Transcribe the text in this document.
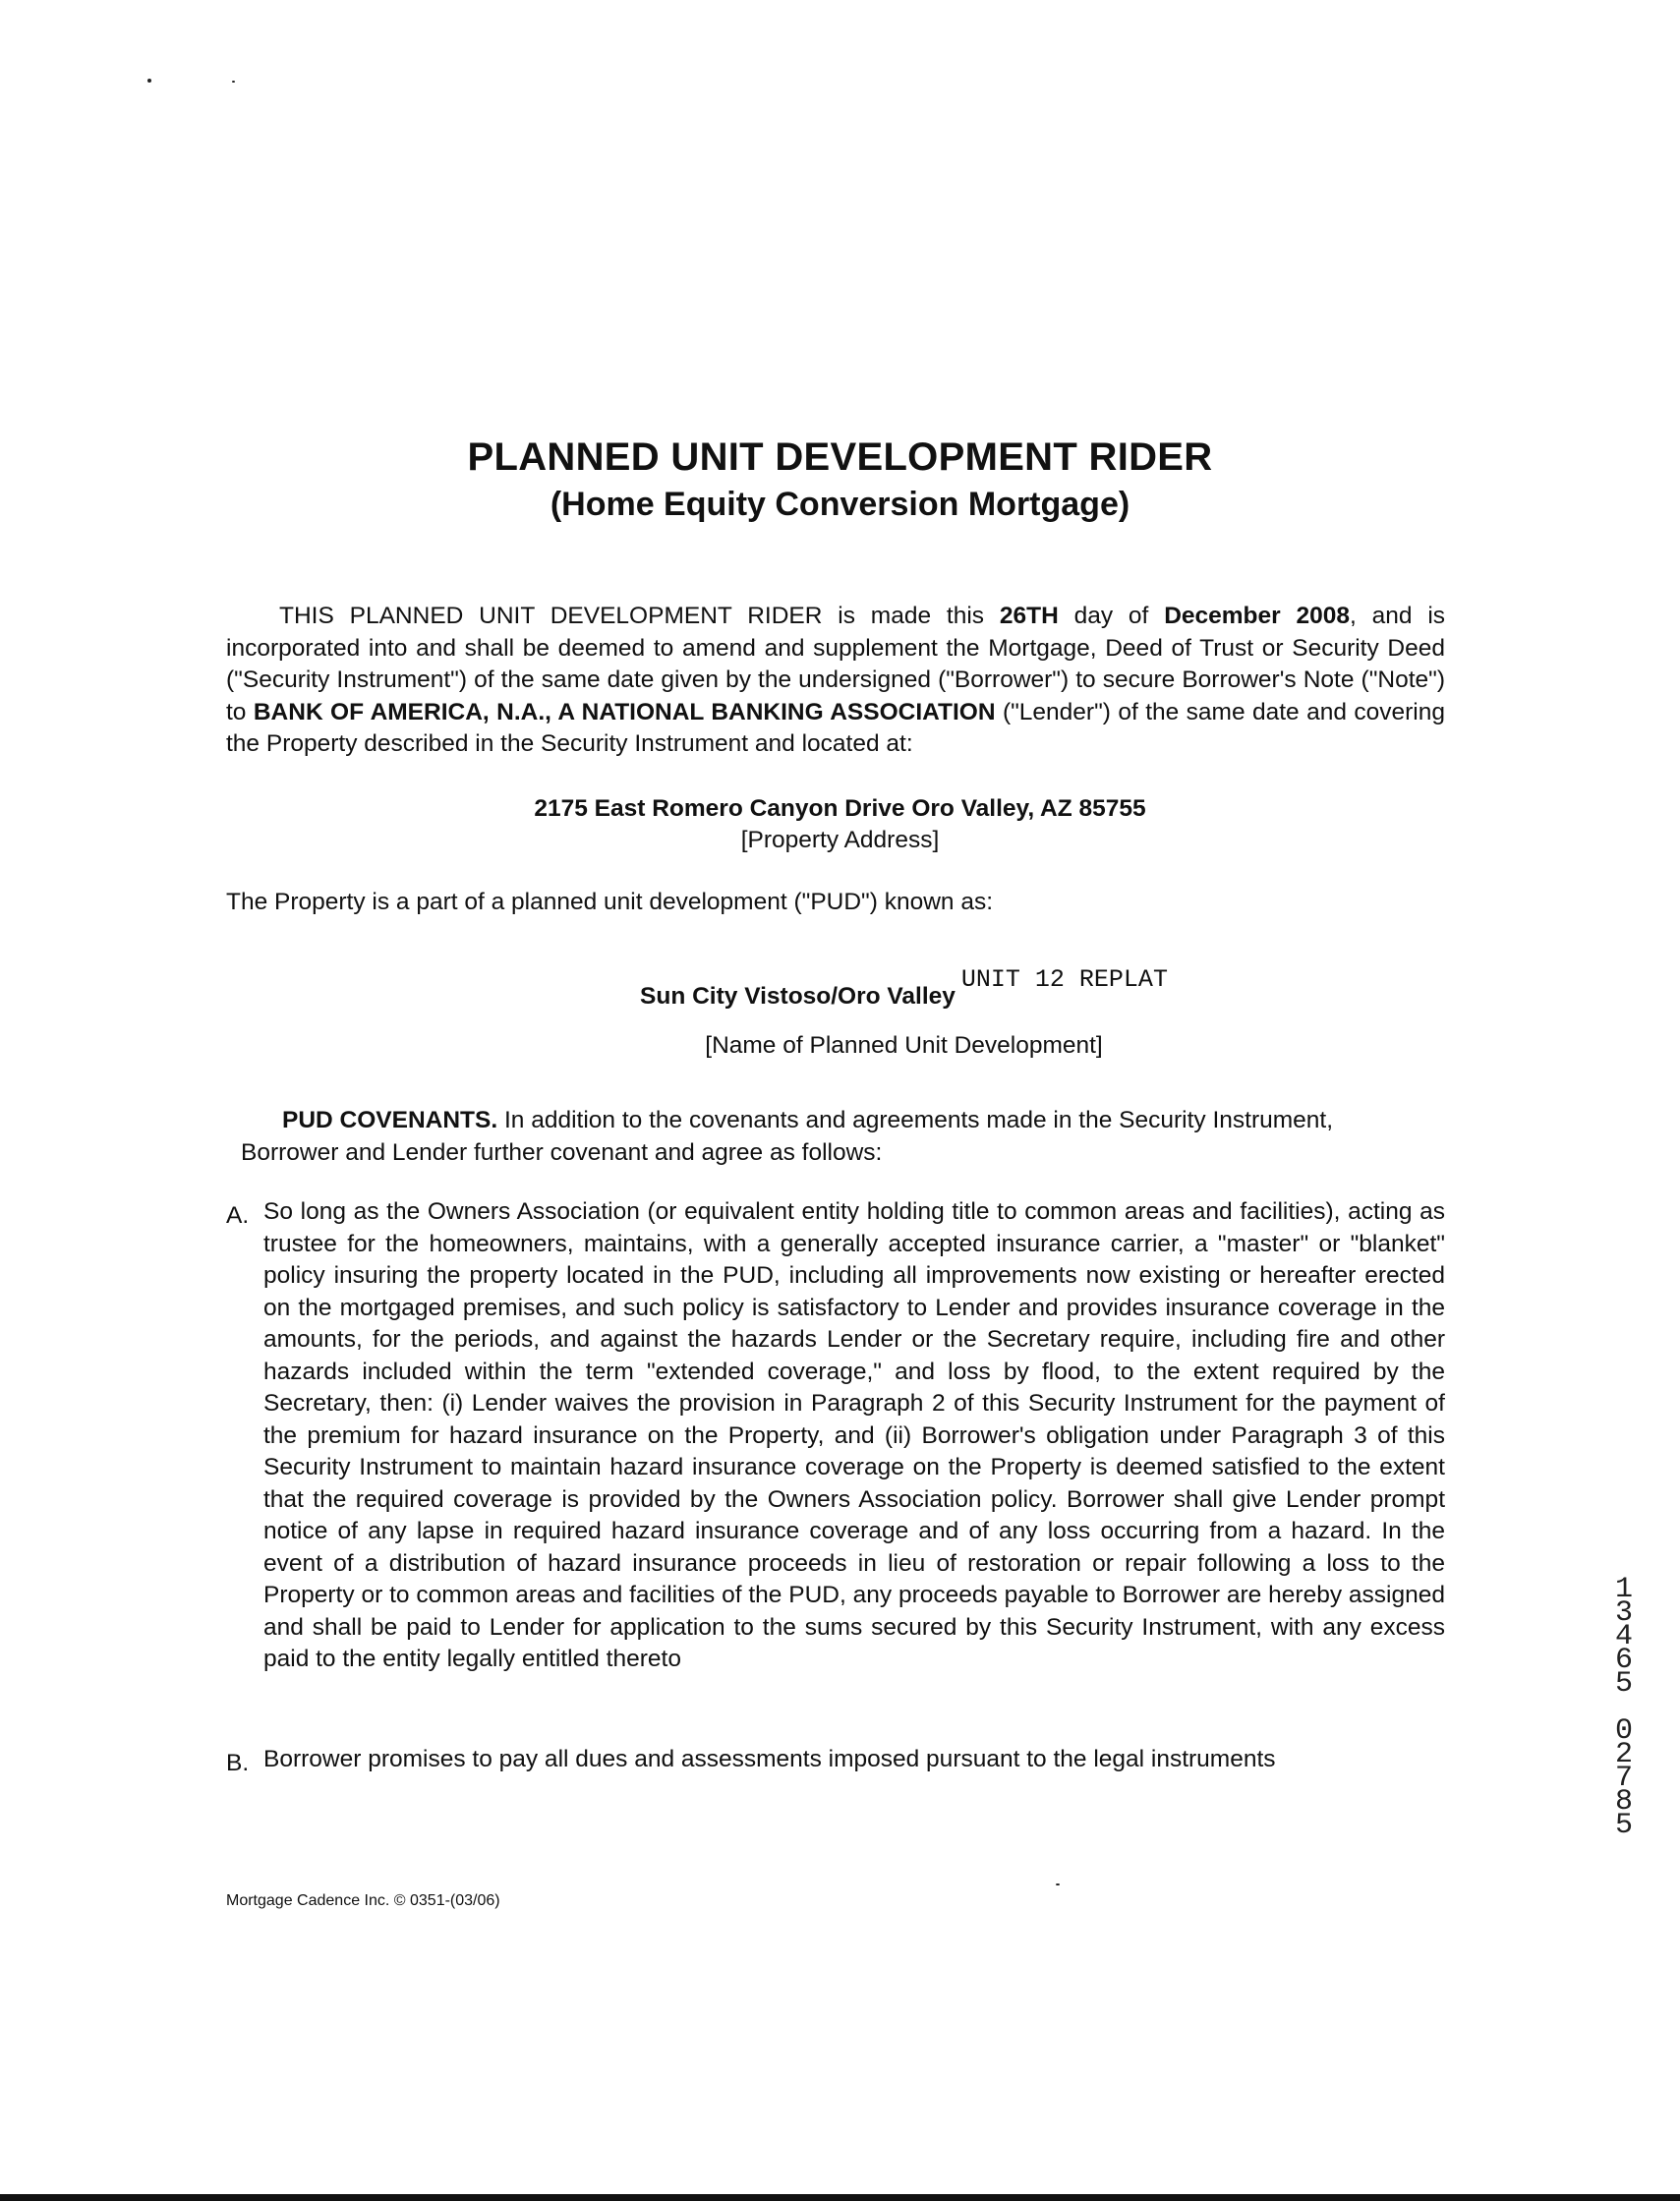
PLANNED UNIT DEVELOPMENT RIDER
(Home Equity Conversion Mortgage)
THIS PLANNED UNIT DEVELOPMENT RIDER is made this 26TH day of December 2008, and is incorporated into and shall be deemed to amend and supplement the Mortgage, Deed of Trust or Security Deed ("Security Instrument") of the same date given by the undersigned ("Borrower") to secure Borrower's Note ("Note") to BANK OF AMERICA, N.A., A NATIONAL BANKING ASSOCIATION ("Lender") of the same date and covering the Property described in the Security Instrument and located at:
2175 East Romero Canyon Drive Oro Valley, AZ 85755
[Property Address]
The Property is a part of a planned unit development ("PUD") known as:
Sun City Vistoso/Oro ValleyUNIT 12 REPLAT
[Name of Planned Unit Development]
PUD COVENANTS. In addition to the covenants and agreements made in the Security Instrument, Borrower and Lender further covenant and agree as follows:
A. So long as the Owners Association (or equivalent entity holding title to common areas and facilities), acting as trustee for the homeowners, maintains, with a generally accepted insurance carrier, a "master" or "blanket" policy insuring the property located in the PUD, including all improvements now existing or hereafter erected on the mortgaged premises, and such policy is satisfactory to Lender and provides insurance coverage in the amounts, for the periods, and against the hazards Lender or the Secretary require, including fire and other hazards included within the term "extended coverage," and loss by flood, to the extent required by the Secretary, then: (i) Lender waives the provision in Paragraph 2 of this Security Instrument for the payment of the premium for hazard insurance on the Property, and (ii) Borrower's obligation under Paragraph 3 of this Security Instrument to maintain hazard insurance coverage on the Property is deemed satisfied to the extent that the required coverage is provided by the Owners Association policy. Borrower shall give Lender prompt notice of any lapse in required hazard insurance coverage and of any loss occurring from a hazard. In the event of a distribution of hazard insurance proceeds in lieu of restoration or repair following a loss to the Property or to common areas and facilities of the PUD, any proceeds payable to Borrower are hereby assigned and shall be paid to Lender for application to the sums secured by this Security Instrument, with any excess paid to the entity legally entitled thereto
B. Borrower promises to pay all dues and assessments imposed pursuant to the legal instruments
Mortgage Cadence Inc. © 0351-(03/06)
1
3
4
6
5

0
2
7
8
5
